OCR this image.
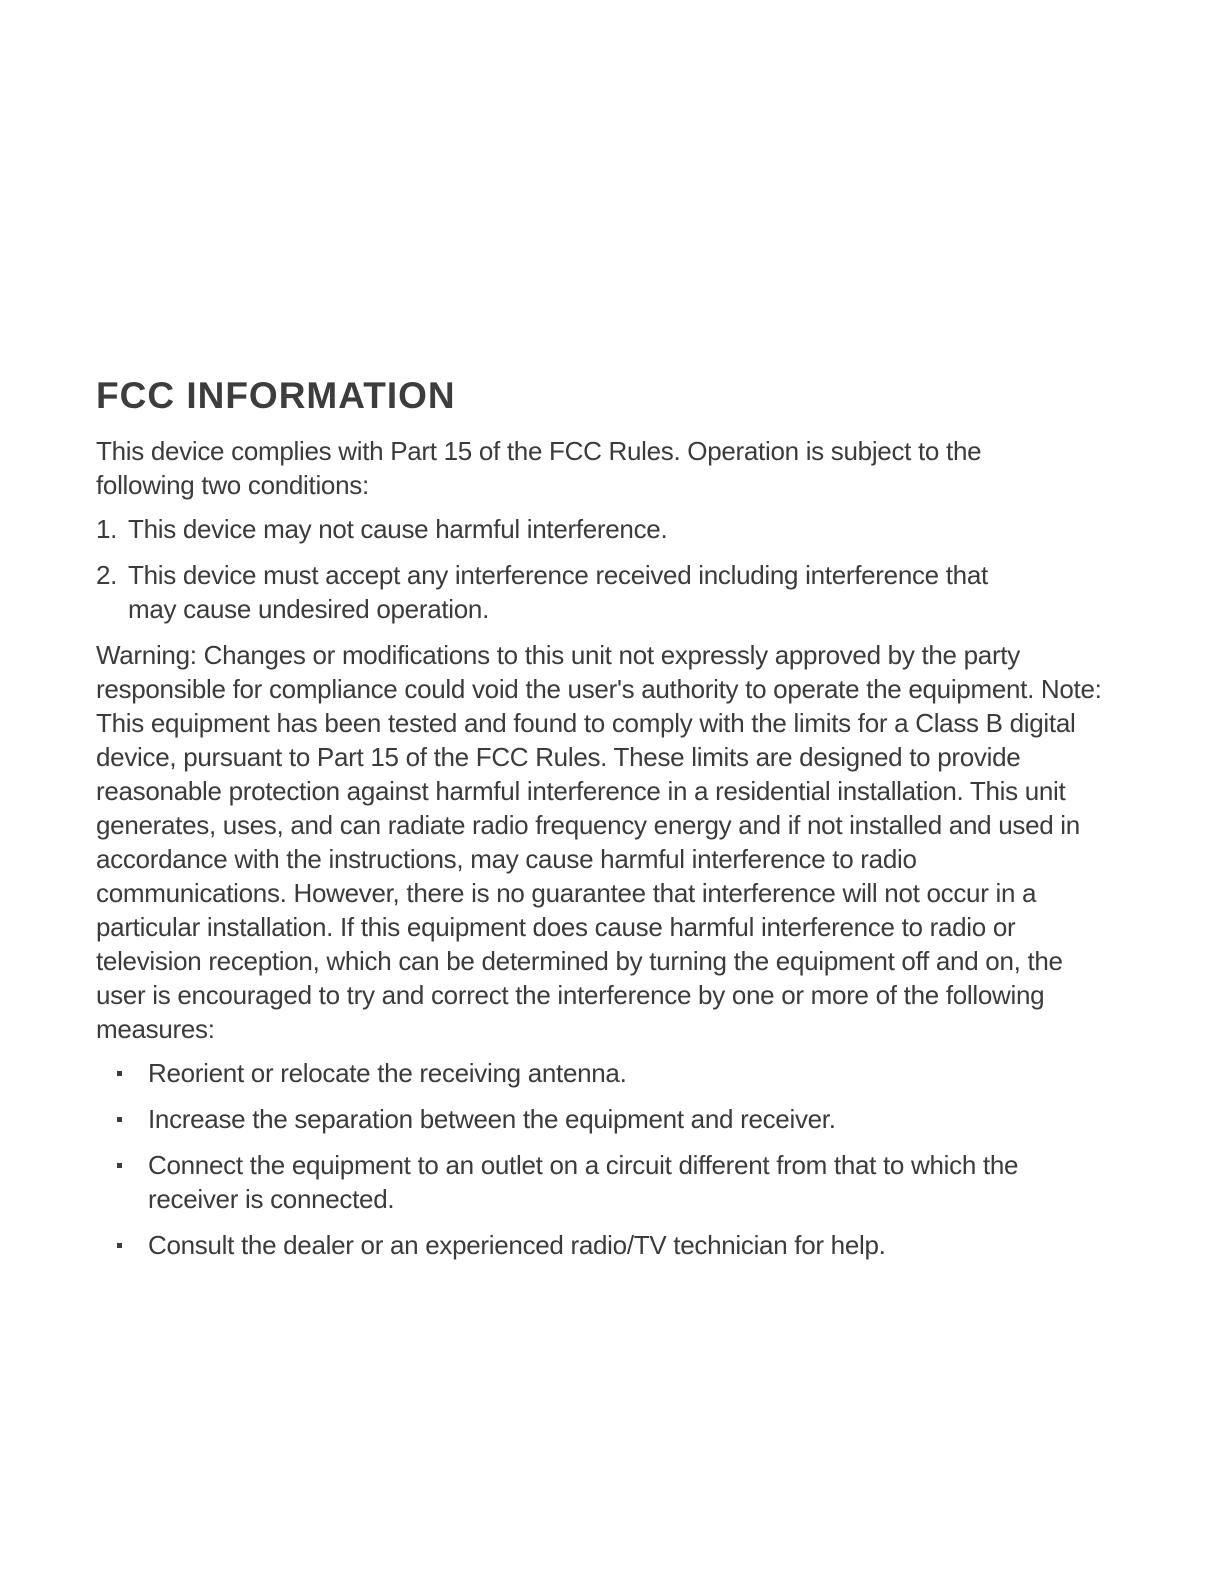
FCC INFORMATION

This device complies with Part 15 of the FCC Rules. Operation is subject to the following two conditions:

1. This device may not cause harmful interference.
2. This device must accept any interference received including interference that may cause undesired operation.

Warning: Changes or modifications to this unit not expressly approved by the party responsible for compliance could void the user's authority to operate the equipment. Note: This equipment has been tested and found to comply with the limits for a Class B digital device, pursuant to Part 15 of the FCC Rules. These limits are designed to provide reasonable protection against harmful interference in a residential installation. This unit generates, uses, and can radiate radio frequency energy and if not installed and used in accordance with the instructions, may cause harmful interference to radio communications. However, there is no guarantee that interference will not occur in a particular installation. If this equipment does cause harmful interference to radio or television reception, which can be determined by turning the equipment off and on, the user is encouraged to try and correct the interference by one or more of the following measures:

Reorient or relocate the receiving antenna.
Increase the separation between the equipment and receiver.
Connect the equipment to an outlet on a circuit different from that to which the receiver is connected.
Consult the dealer or an experienced radio/TV technician for help.
